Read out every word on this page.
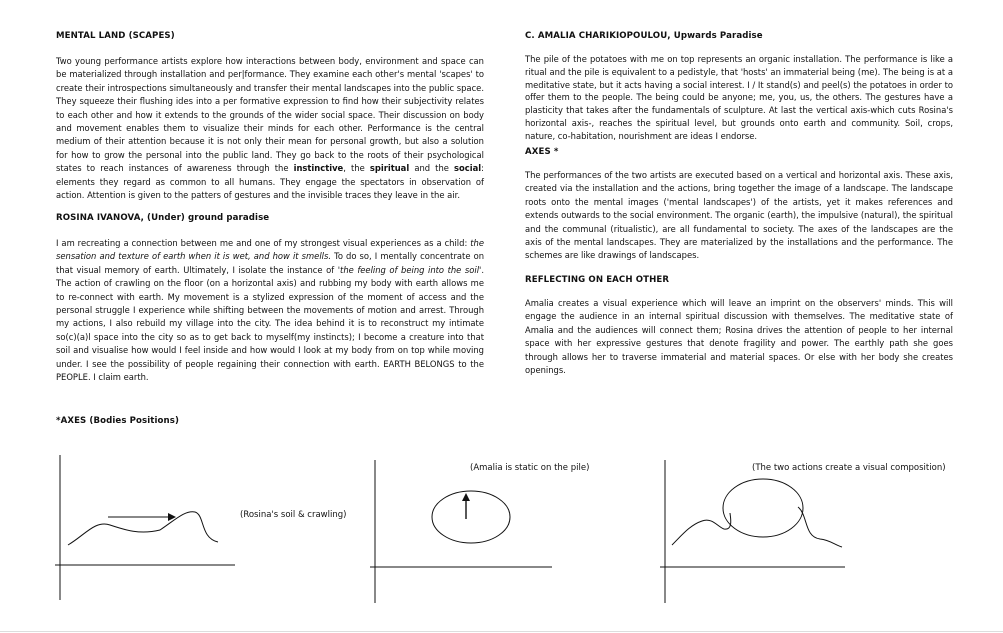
MENTAL LAND (SCAPES)

Two young performance artists explore how interactions between body, environment and space can be materialized through installation and per|formance. They examine each other's mental 'scapes' to create their introspections simultaneously and transfer their mental landscapes into the public space. They squeeze their flushing ides into a per formative expression to find how their subjectivity relates to each other and how it extends to the grounds of the wider social space. Their discussion on body and movement enables them to visualize their minds for each other. Performance is the central medium of their attention because it is not only their mean for personal growth, but also a solution for how to grow the personal into the public land. They go back to the roots of their psychological states to reach instances of awareness through the instinctive, the spiritual and the social: elements they regard as common to all humans. They engage the spectators in observation of action. Attention is given to the patters of gestures and the invisible traces they leave in the air.

ROSINA IVANOVA, (Under) ground paradise

I am recreating a connection between me and one of my strongest visual experiences as a child: the sensation and texture of earth when it is wet, and how it smells. To do so, I mentally concentrate on that visual memory of earth. Ultimately, I isolate the instance of 'the feeling of being into the soil'. The action of crawling on the floor (on a horizontal axis) and rubbing my body with earth allows me to re-connect with earth. My movement is a stylized expression of the moment of access and the personal struggle I experience while shifting between the movements of motion and arrest. Through my actions, I also rebuild my village into the city. The idea behind it is to reconstruct my intimate so(c)(a)l space into the city so as to get back to myself(my instincts); I become a creature into that soil and visualise how would I feel inside and how would I look at my body from on top while moving under. I see the possibility of people regaining their connection with earth. EARTH BELONGS to the PEOPLE. I claim earth.

*AXES (Bodies Positions)
C. AMALIA CHARIKIOPOULOU, Upwards Paradise

The pile of the potatoes with me on top represents an organic installation. The performance is like a ritual and the pile is equivalent to a pedistyle, that 'hosts' an immaterial being (me). The being is at a meditative state, but it acts having a social interest. I / It stand(s) and peel(s) the potatoes in order to offer them to the people. The being could be anyone; me, you, us, the others. The gestures have a plasticity that takes after the fundamentals of sculpture. At last the vertical axis-which cuts Rosina's horizontal axis-, reaches the spiritual level, but grounds onto earth and community. Soil, crops, nature, co-habitation, nourishment are ideas I endorse.

AXES *

The performances of the two artists are executed based on a vertical and horizontal axis. These axis, created via the installation and the actions, bring together the image of a landscape. The landscape roots onto the mental images ('mental landscapes') of the artists, yet it makes references and extends outwards to the social environment. The organic (earth), the impulsive (natural), the spiritual and the communal (ritualistic), are all fundamental to society. The axes of the landscapes are the axis of the mental landscapes. They are materialized by the installations and the performance. The schemes are like drawings of landscapes.

REFLECTING ON EACH OTHER

Amalia creates a visual experience which will leave an imprint on the observers' minds. This will engage the audience in an internal spiritual discussion with themselves. The meditative state of Amalia and the audiences will connect them; Rosina drives the attention of people to her internal space with her expressive gestures that denote fragility and power. The earthly path she goes through allows her to traverse immaterial and material spaces. Or else with her body she creates openings.

(Rosina's soil & crawling)
(Amalia is static on the pile)	(The two actions create a visual composition)
